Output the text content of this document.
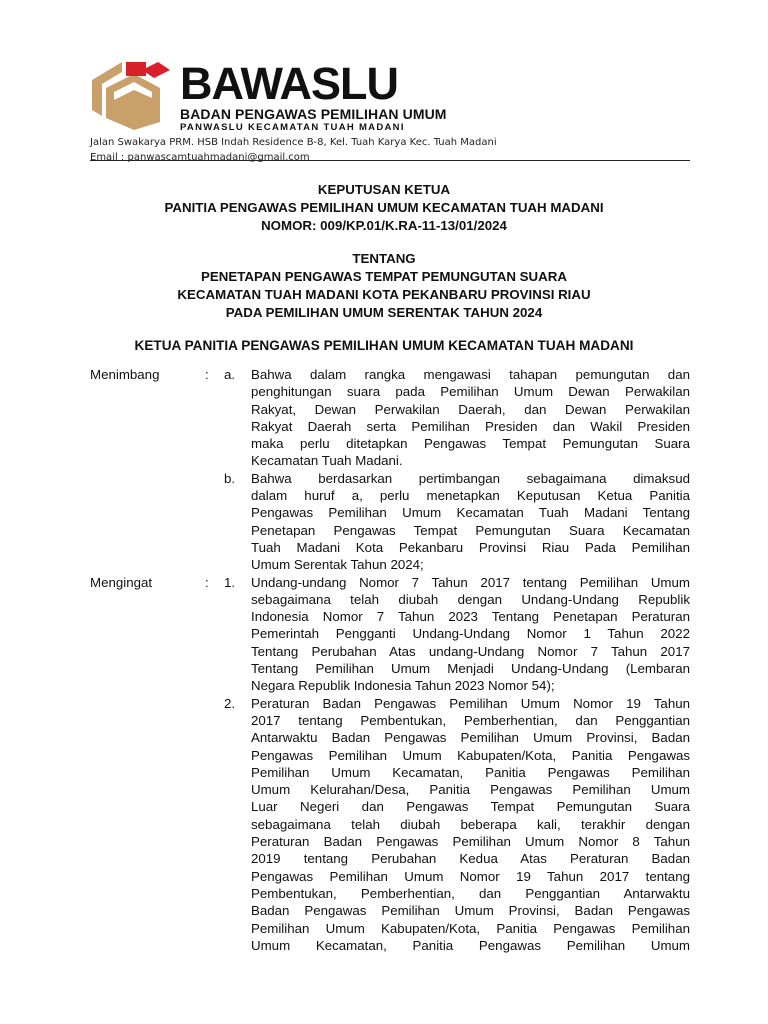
BAWASLU
BADAN PENGAWAS PEMILIHAN UMUM
PANWASLU KECAMATAN TUAH MADANI
Jalan Swakarya PRM. HSB Indah Residence B-8, Kel. Tuah Karya Kec. Tuah Madani
Email : panwascamtuahmadani@gmail.com
KEPUTUSAN KETUA
PANITIA PENGAWAS PEMILIHAN UMUM KECAMATAN TUAH MADANI
NOMOR: 009/KP.01/K.RA-11-13/01/2024
TENTANG
PENETAPAN PENGAWAS TEMPAT PEMUNGUTAN SUARA
KECAMATAN TUAH MADANI KOTA PEKANBARU PROVINSI RIAU
PADA PEMILIHAN UMUM SERENTAK TAHUN 2024
KETUA PANITIA PENGAWAS PEMILIHAN UMUM KECAMATAN TUAH MADANI
Menimbang	: a. Bahwa dalam rangka mengawasi tahapan pemungutan dan
penghitungan suara pada Pemilihan Umum Dewan Perwakilan
Rakyat, Dewan Perwakilan Daerah, dan Dewan Perwakilan
Rakyat Daerah serta Pemilihan Presiden dan Wakil Presiden
maka perlu ditetapkan Pengawas Tempat Pemungutan Suara
Kecamatan Tuah Madani.
b. Bahwa berdasarkan pertimbangan sebagaimana dimaksud
dalam huruf a, perlu menetapkan Keputusan Ketua Panitia
Pengawas Pemilihan Umum Kecamatan Tuah Madani Tentang
Penetapan Pengawas Tempat Pemungutan Suara Kecamatan
Tuah Madani Kota Pekanbaru Provinsi Riau Pada Pemilihan
Umum Serentak Tahun 2024;
Mengingat	: 1. Undang-undang Nomor 7 Tahun 2017 tentang Pemilihan Umum
sebagaimana telah diubah dengan Undang-Undang Republik
Indonesia Nomor 7 Tahun 2023 Tentang Penetapan Peraturan
Pemerintah Pengganti Undang-Undang Nomor 1 Tahun 2022
Tentang Perubahan Atas undang-Undang Nomor 7 Tahun 2017
Tentang Pemilihan Umum Menjadi Undang-Undang (Lembaran
Negara Republik Indonesia Tahun 2023 Nomor 54);
2. Peraturan Badan Pengawas Pemilihan Umum Nomor 19 Tahun
2017 tentang Pembentukan, Pemberhentian, dan Penggantian
Antarwaktu Badan Pengawas Pemilihan Umum Provinsi, Badan
Pengawas Pemilihan Umum Kabupaten/Kota, Panitia Pengawas
Pemilihan Umum Kecamatan, Panitia Pengawas Pemilihan
Umum Kelurahan/Desa, Panitia Pengawas Pemilihan Umum
Luar Negeri dan Pengawas Tempat Pemungutan Suara
sebagaimana telah diubah beberapa kali, terakhir dengan
Peraturan Badan Pengawas Pemilihan Umum Nomor 8 Tahun
2019 tentang Perubahan Kedua Atas Peraturan Badan
Pengawas Pemilihan Umum Nomor 19 Tahun 2017 tentang
Pembentukan, Pemberhentian, dan Penggantian Antarwaktu
Badan Pengawas Pemilihan Umum Provinsi, Badan Pengawas
Pemilihan Umum Kabupaten/Kota, Panitia Pengawas Pemilihan
Umum Kecamatan, Panitia Pengawas Pemilihan Umum
